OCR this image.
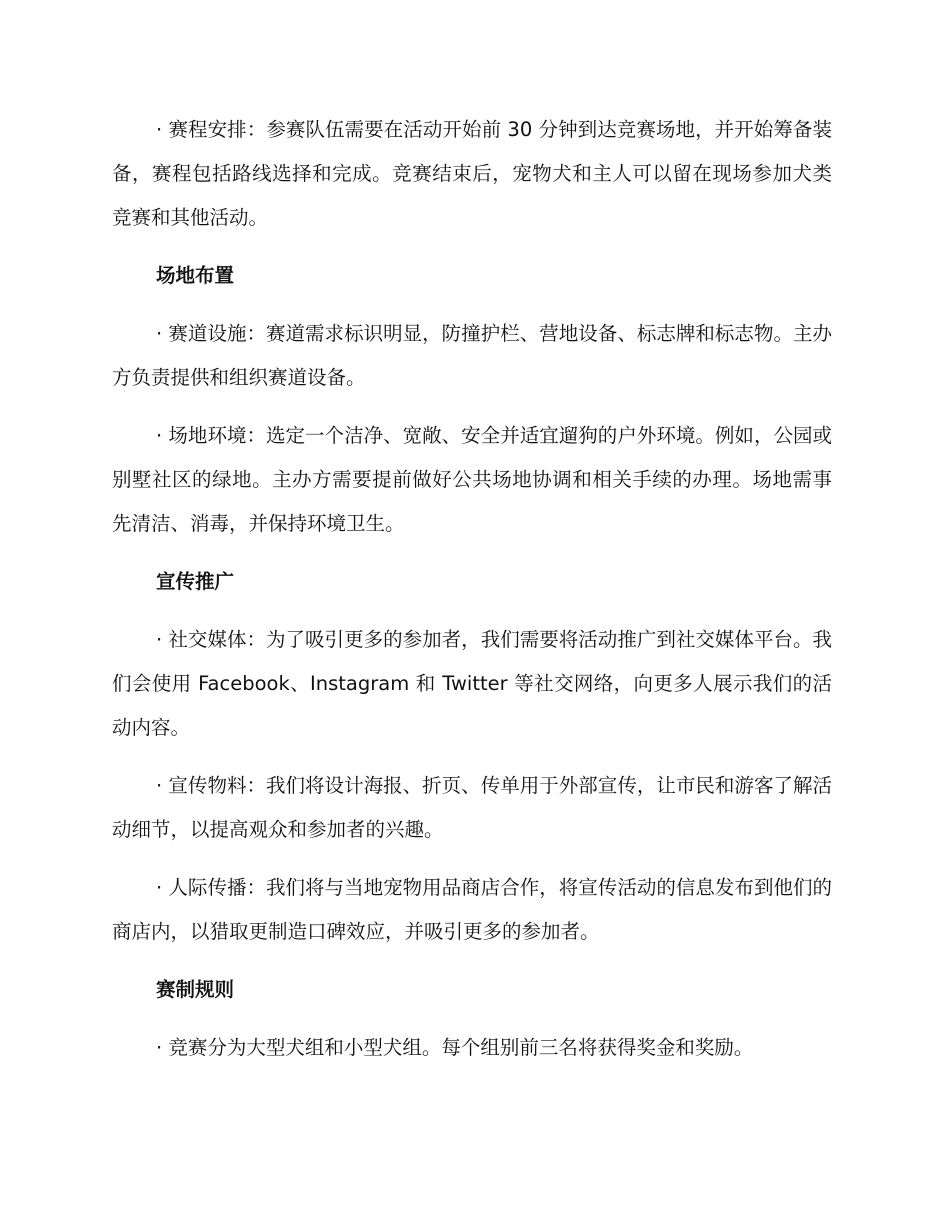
· 赛程安排：参赛队伍需要在活动开始前 30 分钟到达竞赛场地，并开始筹备装备，赛程包括路线选择和完成。竞赛结束后，宠物犬和主人可以留在现场参加犬类竞赛和其他活动。

场地布置

· 赛道设施：赛道需求标识明显，防撞护栏、营地设备、标志牌和标志物。主办方负责提供和组织赛道设备。

· 场地环境：选定一个洁净、宽敞、安全并适宜遛狗的户外环境。例如，公园或别墅社区的绿地。主办方需要提前做好公共场地协调和相关手续的办理。场地需事先清洁、消毒，并保持环境卫生。

宣传推广

· 社交媒体：为了吸引更多的参加者，我们需要将活动推广到社交媒体平台。我们会使用 Facebook、Instagram 和 Twitter 等社交网络，向更多人展示我们的活动内容。

· 宣传物料：我们将设计海报、折页、传单用于外部宣传，让市民和游客了解活动细节，以提高观众和参加者的兴趣。

· 人际传播：我们将与当地宠物用品商店合作，将宣传活动的信息发布到他们的商店内，以猎取更制造口碑效应，并吸引更多的参加者。

赛制规则

· 竞赛分为大型犬组和小型犬组。每个组别前三名将获得奖金和奖励。
